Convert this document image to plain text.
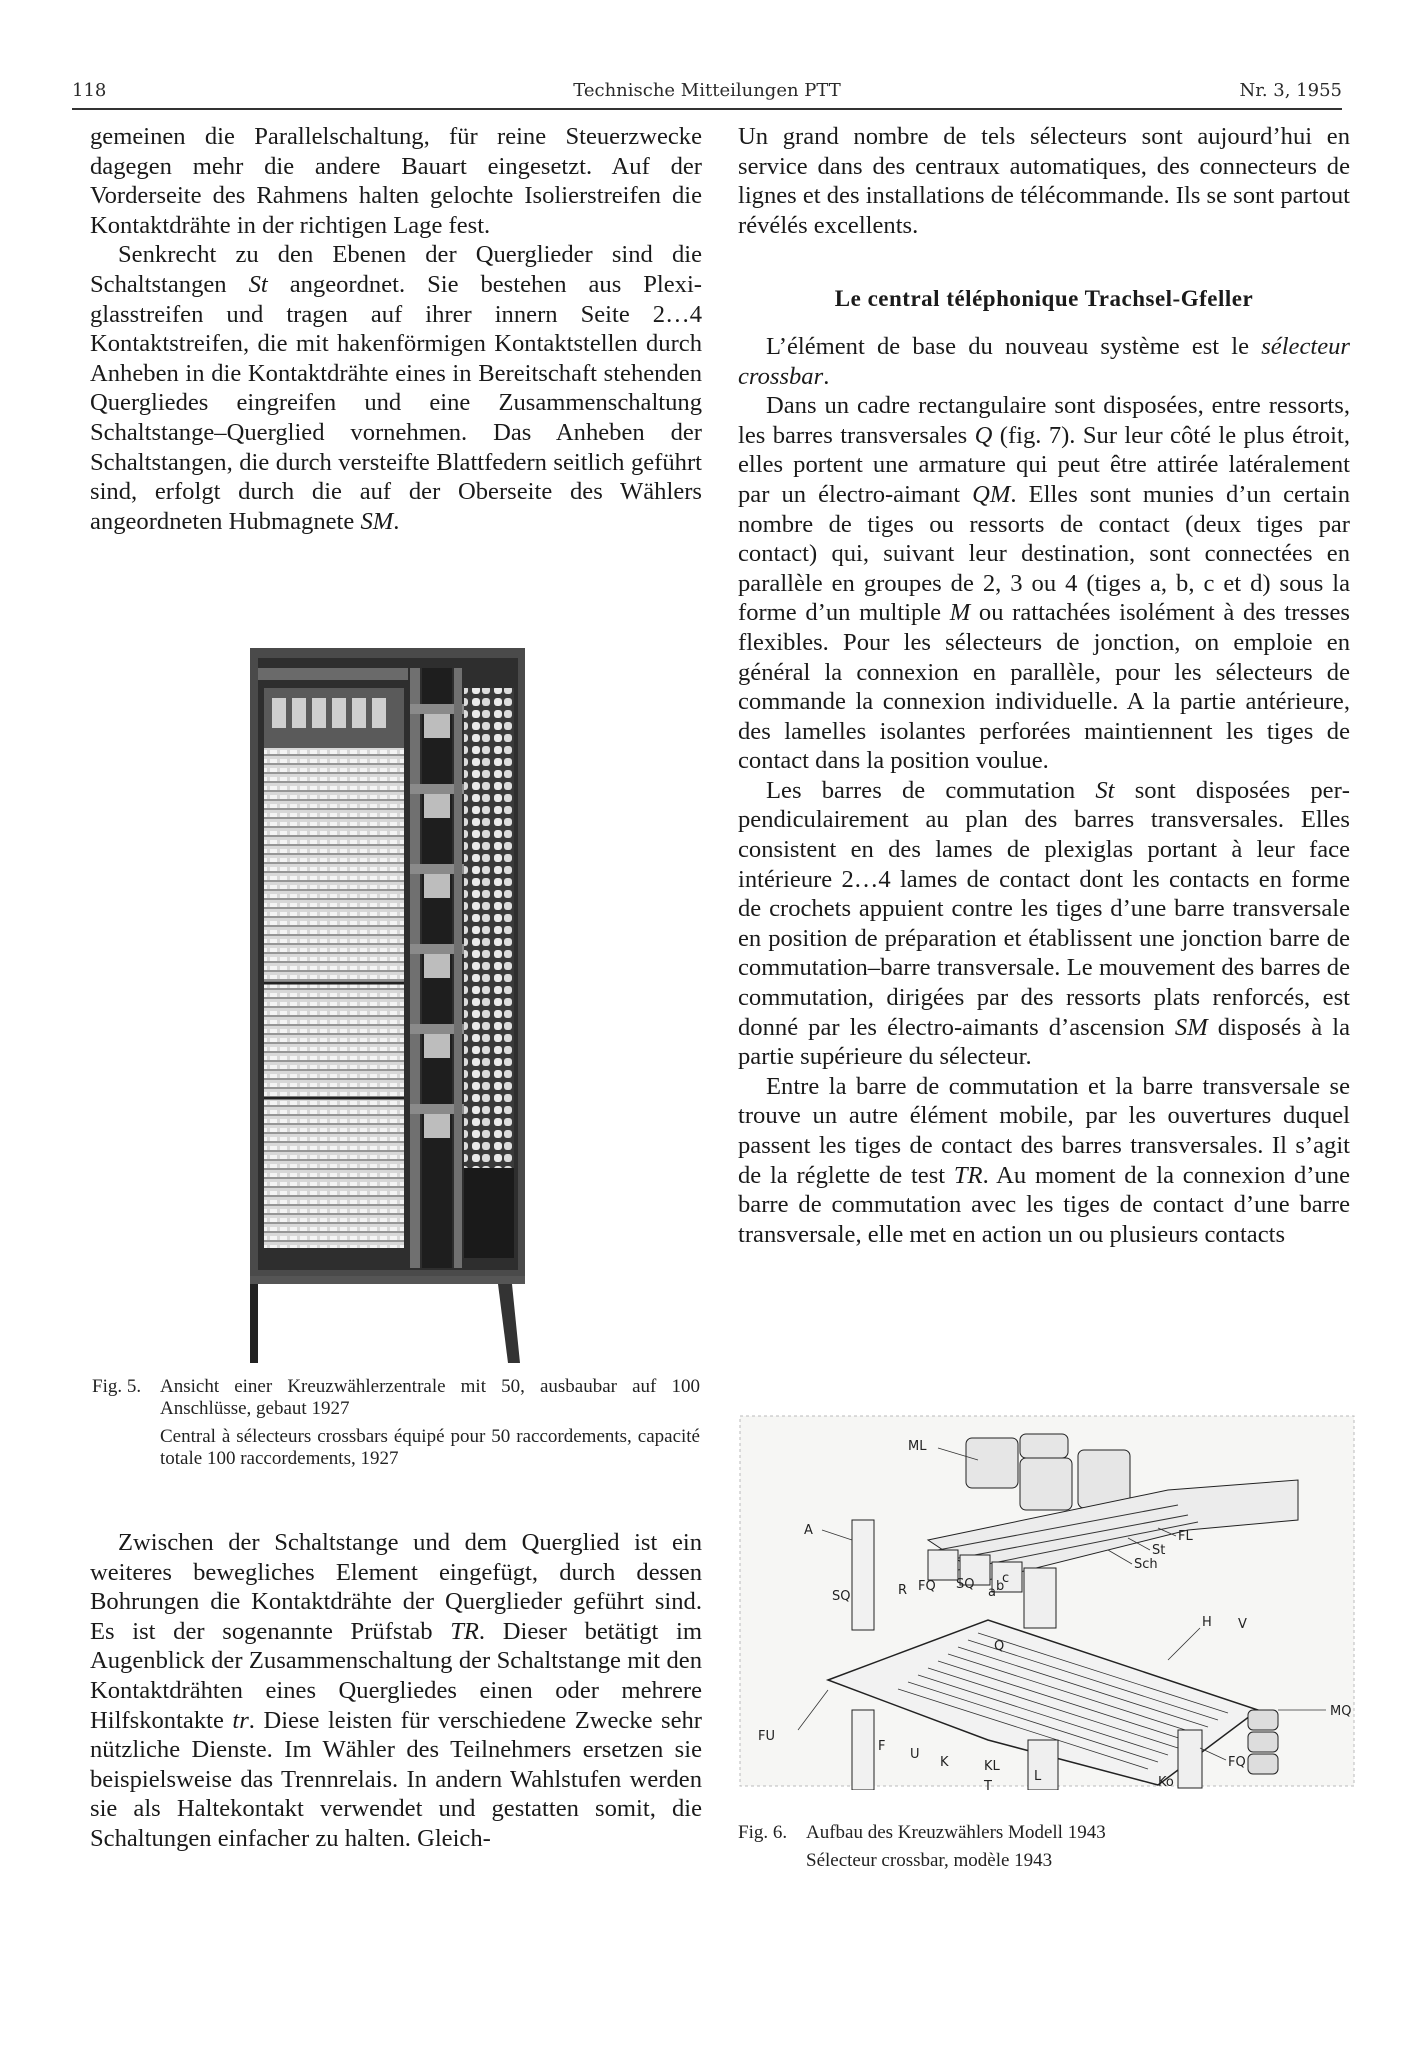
118	Technische Mitteilungen PTT	Nr. 3, 1955

gemeinen die Parallelschaltung, für reine Steuerzwecke dagegen mehr die andere Bauart eingesetzt. Auf der Vorderseite des Rahmens halten gelochte Isolierstreifen die Kontaktdrähte in der richtigen Lage fest.

Senkrecht zu den Ebenen der Querglieder sind die Schaltstangen St angeordnet. Sie bestehen aus Plexiglasstreifen und tragen auf ihrer innern Seite 2…4 Kontaktstreifen, die mit hakenförmigen Kontaktstellen durch Anheben in die Kontaktdrähte eines in Bereitschaft stehenden Quergliedes eingreifen und eine Zusammenschaltung Schaltstange–Querglied vornehmen. Das Anheben der Schaltstangen, die durch versteifte Blattfedern seitlich geführt sind, erfolgt durch die auf der Oberseite des Wählers angeordneten Hubmagnete SM.

Fig. 5. Ansicht einer Kreuzwählerzentrale mit 50, ausbaubar auf 100 Anschlüsse, gebaut 1927
Central à sélecteurs crossbars équipé pour 50 raccordements, capacité totale 100 raccordements, 1927

Zwischen der Schaltstange und dem Querglied ist ein weiteres bewegliches Element eingefügt, durch dessen Bohrungen die Kontaktdrähte der Querglieder geführt sind. Es ist der sogenannte Prüfstab TR. Dieser betätigt im Augenblick der Zusammenschaltung der Schaltstange mit den Kontaktdrähten eines Quergliedes einen oder mehrere Hilfskontakte tr. Diese leisten für verschiedene Zwecke sehr nützliche Dienste. Im Wähler des Teilnehmers ersetzen sie beispielsweise das Trennrelais. In andern Wahlstufen werden sie als Haltekontakt verwendet und gestatten somit, die Schaltungen einfacher zu halten. Gleich-

Un grand nombre de tels sélecteurs sont aujourd’hui en service dans des centraux automatiques, des connecteurs de lignes et des installations de télécommande. Ils se sont partout révélés excellents.

Le central téléphonique Trachsel-Gfeller

L’élément de base du nouveau système est le sélecteur crossbar.

Dans un cadre rectangulaire sont disposées, entre ressorts, les barres transversales Q (fig. 7). Sur leur côté le plus étroit, elles portent une armature qui peut être attirée latéralement par un électro-aimant QM. Elles sont munies d’un certain nombre de tiges ou ressorts de contact (deux tiges par contact) qui, suivant leur destination, sont connectées en parallèle en groupes de 2, 3 ou 4 (tiges a, b, c et d) sous la forme d’un multiple M ou rattachées isolément à des tresses flexibles. Pour les sélecteurs de jonction, on emploie en général la connexion en parallèle, pour les sélecteurs de commande la connexion individuelle. A la partie antérieure, des lamelles isolantes perforées maintiennent les tiges de contact dans la position voulue.

Les barres de commutation St sont disposées perpendiculairement au plan des barres transversales. Elles consistent en des lames de plexiglas portant à leur face intérieure 2…4 lames de contact dont les contacts en forme de crochets appuient contre les tiges d’une barre transversale en position de préparation et établissent une jonction barre de commutation–barre transversale. Le mouvement des barres de commutation, dirigées par des ressorts plats renforcés, est donné par les électro-aimants d’ascension SM disposés à la partie supérieure du sélecteur.

Entre la barre de commutation et la barre transversale se trouve un autre élément mobile, par les ouvertures duquel passent les tiges de contact des barres transversales. Il s’agit de la réglette de test TR. Au moment de la connexion d’une barre de commutation avec les tiges de contact d’une barre transversale, elle met en action un ou plusieurs contacts

ML
A
SQ	R FQ SQ
a b
c
FL
St
Sch
H V
Q
MQ
FU
F
U
K	KL
T
L	Ko
FQ
Fig. 6. Aufbau des Kreuzwählers Modell 1943
Sélecteur crossbar, modèle 1943
